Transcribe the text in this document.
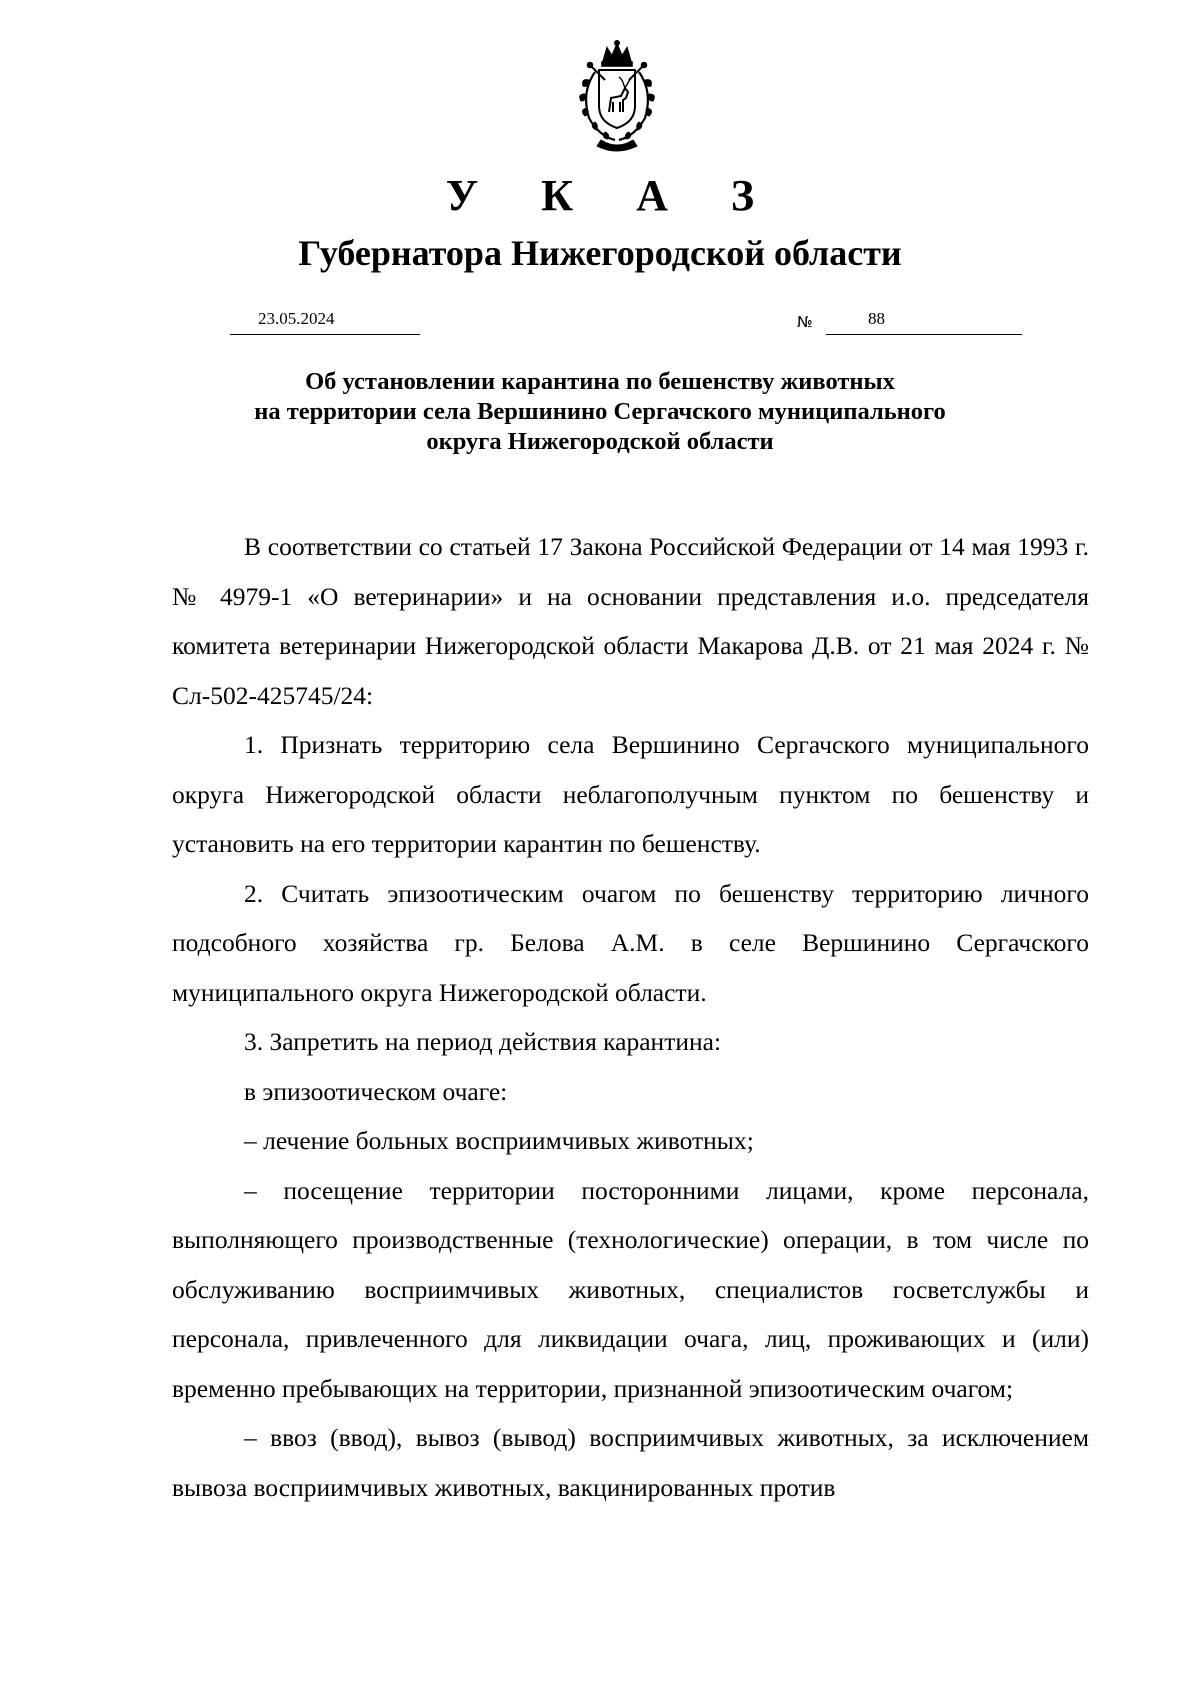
У К А З
Губернатора Нижегородской области
23.05.2024	№	88
Об установлении карантина по бешенству животных
на территории села Вершинино Сергачского муниципального
округа Нижегородской области

В соответствии со статьей 17 Закона Российской Федерации от 14 мая 1993 г. № 4979-1 «О ветеринарии» и на основании представления и.о. председателя комитета ветеринарии Нижегородской области Макарова Д.В. от 21 мая 2024 г. № Сл-502-425745/24:

1. Признать территорию села Вершинино Сергачского муниципального округа Нижегородской области неблагополучным пунктом по бешенству и установить на его территории карантин по бешенству.

2. Считать эпизоотическим очагом по бешенству территорию личного подсобного хозяйства гр. Белова А.М. в селе Вершинино Сергачского муниципального округа Нижегородской области.

3. Запретить на период действия карантина:

в эпизоотическом очаге:

– лечение больных восприимчивых животных;

– посещение территории посторонними лицами, кроме персонала, выполняющего производственные (технологические) операции, в том числе по обслуживанию восприимчивых животных, специалистов госветслужбы и персонала, привлеченного для ликвидации очага, лиц, проживающих и (или) временно пребывающих на территории, признанной эпизоотическим очагом;

– ввоз (ввод), вывоз (вывод) восприимчивых животных, за исключением вывоза восприимчивых животных, вакцинированных против
